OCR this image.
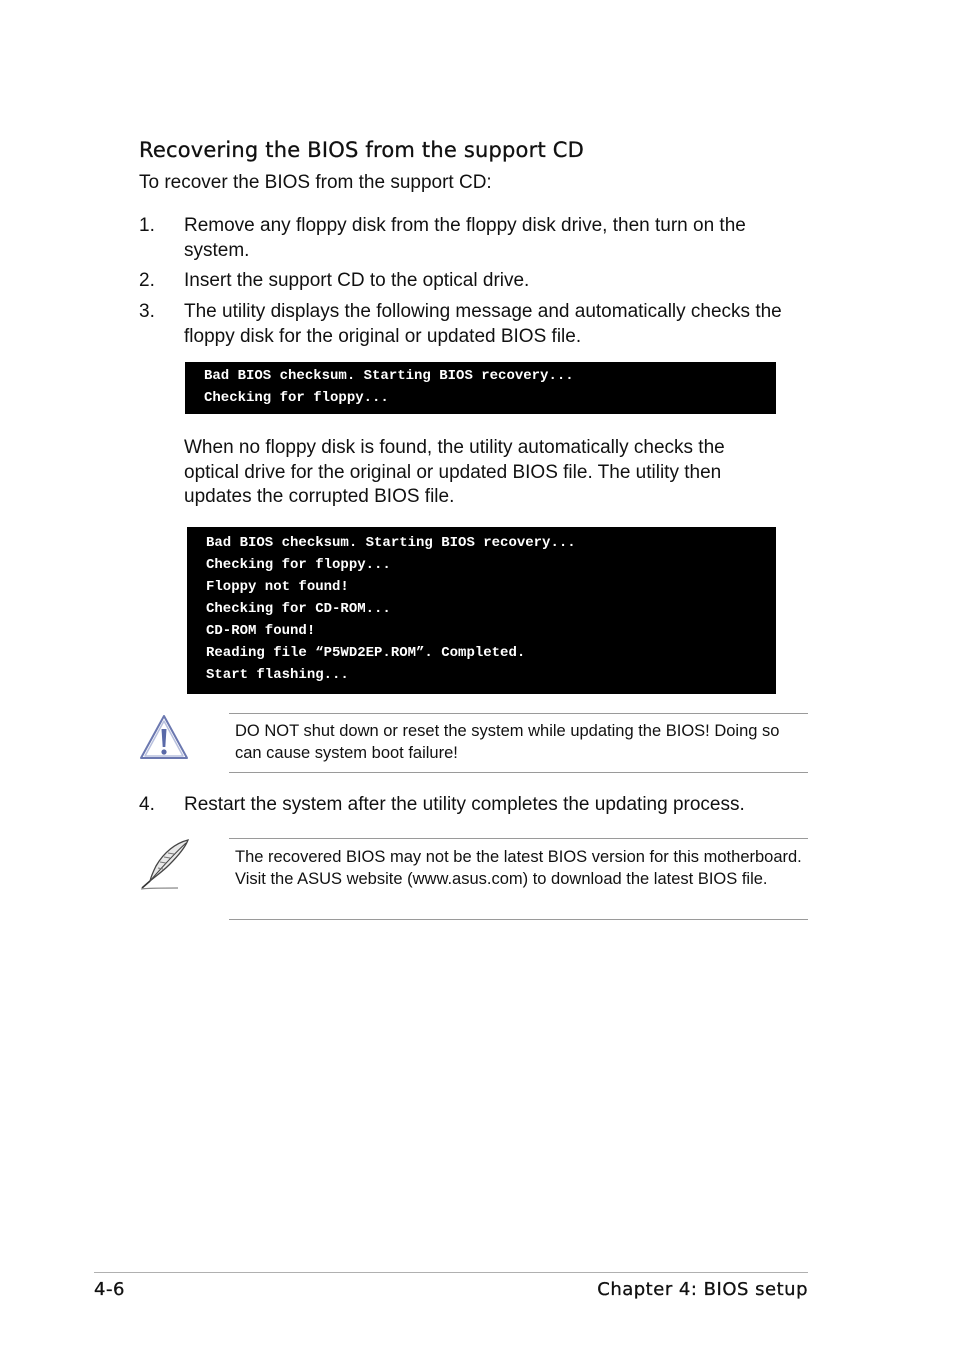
Recovering the BIOS from the support CD

To recover the BIOS from the support CD:

1. Remove any floppy disk from the floppy disk drive, then turn on the system.
2. Insert the support CD to the optical drive.
3. The utility displays the following message and automatically checks the floppy disk for the original or updated BIOS file.
Bad BIOS checksum. Starting BIOS recovery...
Checking for floppy...

When no floppy disk is found, the utility automatically checks the optical drive for the original or updated BIOS file. The utility then updates the corrupted BIOS file.

Bad BIOS checksum. Starting BIOS recovery...
Checking for floppy...
Floppy not found!
Checking for CD-ROM...
CD-ROM found!
Reading file “P5WD2EP.ROM”. Completed.
Start flashing...
DO NOT shut down or reset the system while updating the BIOS! Doing so can cause system boot failure!
4. Restart the system after the utility completes the updating process.
The recovered BIOS may not be the latest BIOS version for this motherboard. Visit the ASUS website (www.asus.com) to download the latest BIOS file.
4-6	Chapter 4: BIOS setup
